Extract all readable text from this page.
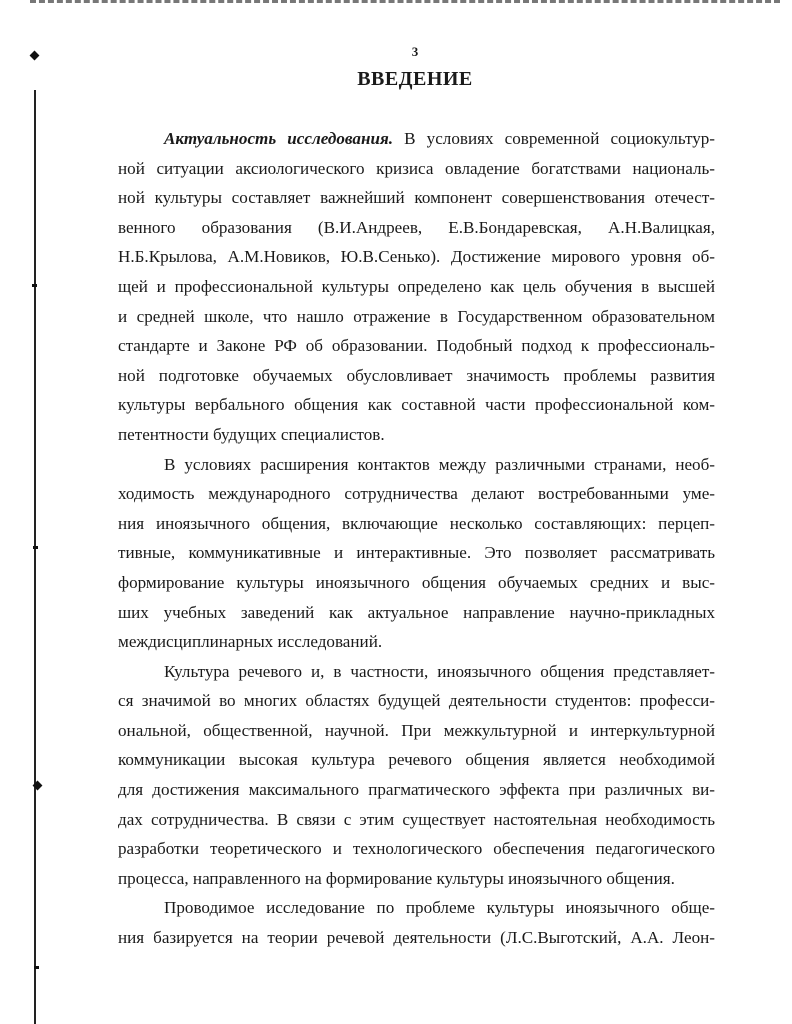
3
ВВЕДЕНИЕ
Актуальность исследования. В условиях современной социокультур-
ной ситуации аксиологического кризиса овладение богатствами националь-
ной культуры составляет важнейший компонент совершенствования отечест-
венного образования (В.И.Андреев, Е.В.Бондаревская, А.Н.Валицкая,
Н.Б.Крылова, А.М.Новиков, Ю.В.Сенько). Достижение мирового уровня об-
щей и профессиональной культуры определено как цель обучения в высшей
и средней школе, что нашло отражение в Государственном образовательном
стандарте и Законе РФ об образовании. Подобный подход к профессиональ-
ной подготовке обучаемых обусловливает значимость проблемы развития
культуры вербального общения как составной части профессиональной ком-
петентности будущих специалистов.
В условиях расширения контактов между различными странами, необ-
ходимость международного сотрудничества делают востребованными уме-
ния иноязычного общения, включающие несколько составляющих: перцеп-
тивные, коммуникативные и интерактивные. Это позволяет рассматривать
формирование культуры иноязычного общения обучаемых средних и выс-
ших учебных заведений как актуальное направление научно-прикладных
междисциплинарных исследований.
Культура речевого и, в частности, иноязычного общения представляет-
ся значимой во многих областях будущей деятельности студентов: професси-
ональной, общественной, научной. При межкультурной и интеркультурной
коммуникации высокая культура речевого общения является необходимой
для достижения максимального прагматического эффекта при различных ви-
дах сотрудничества. В связи с этим существует настоятельная необходимость
разработки теоретического и технологического обеспечения педагогического
процесса, направленного на формирование культуры иноязычного общения.
Проводимое исследование по проблеме культуры иноязычного обще-
ния базируется на теории речевой деятельности (Л.С.Выготский, А.А. Леон-
